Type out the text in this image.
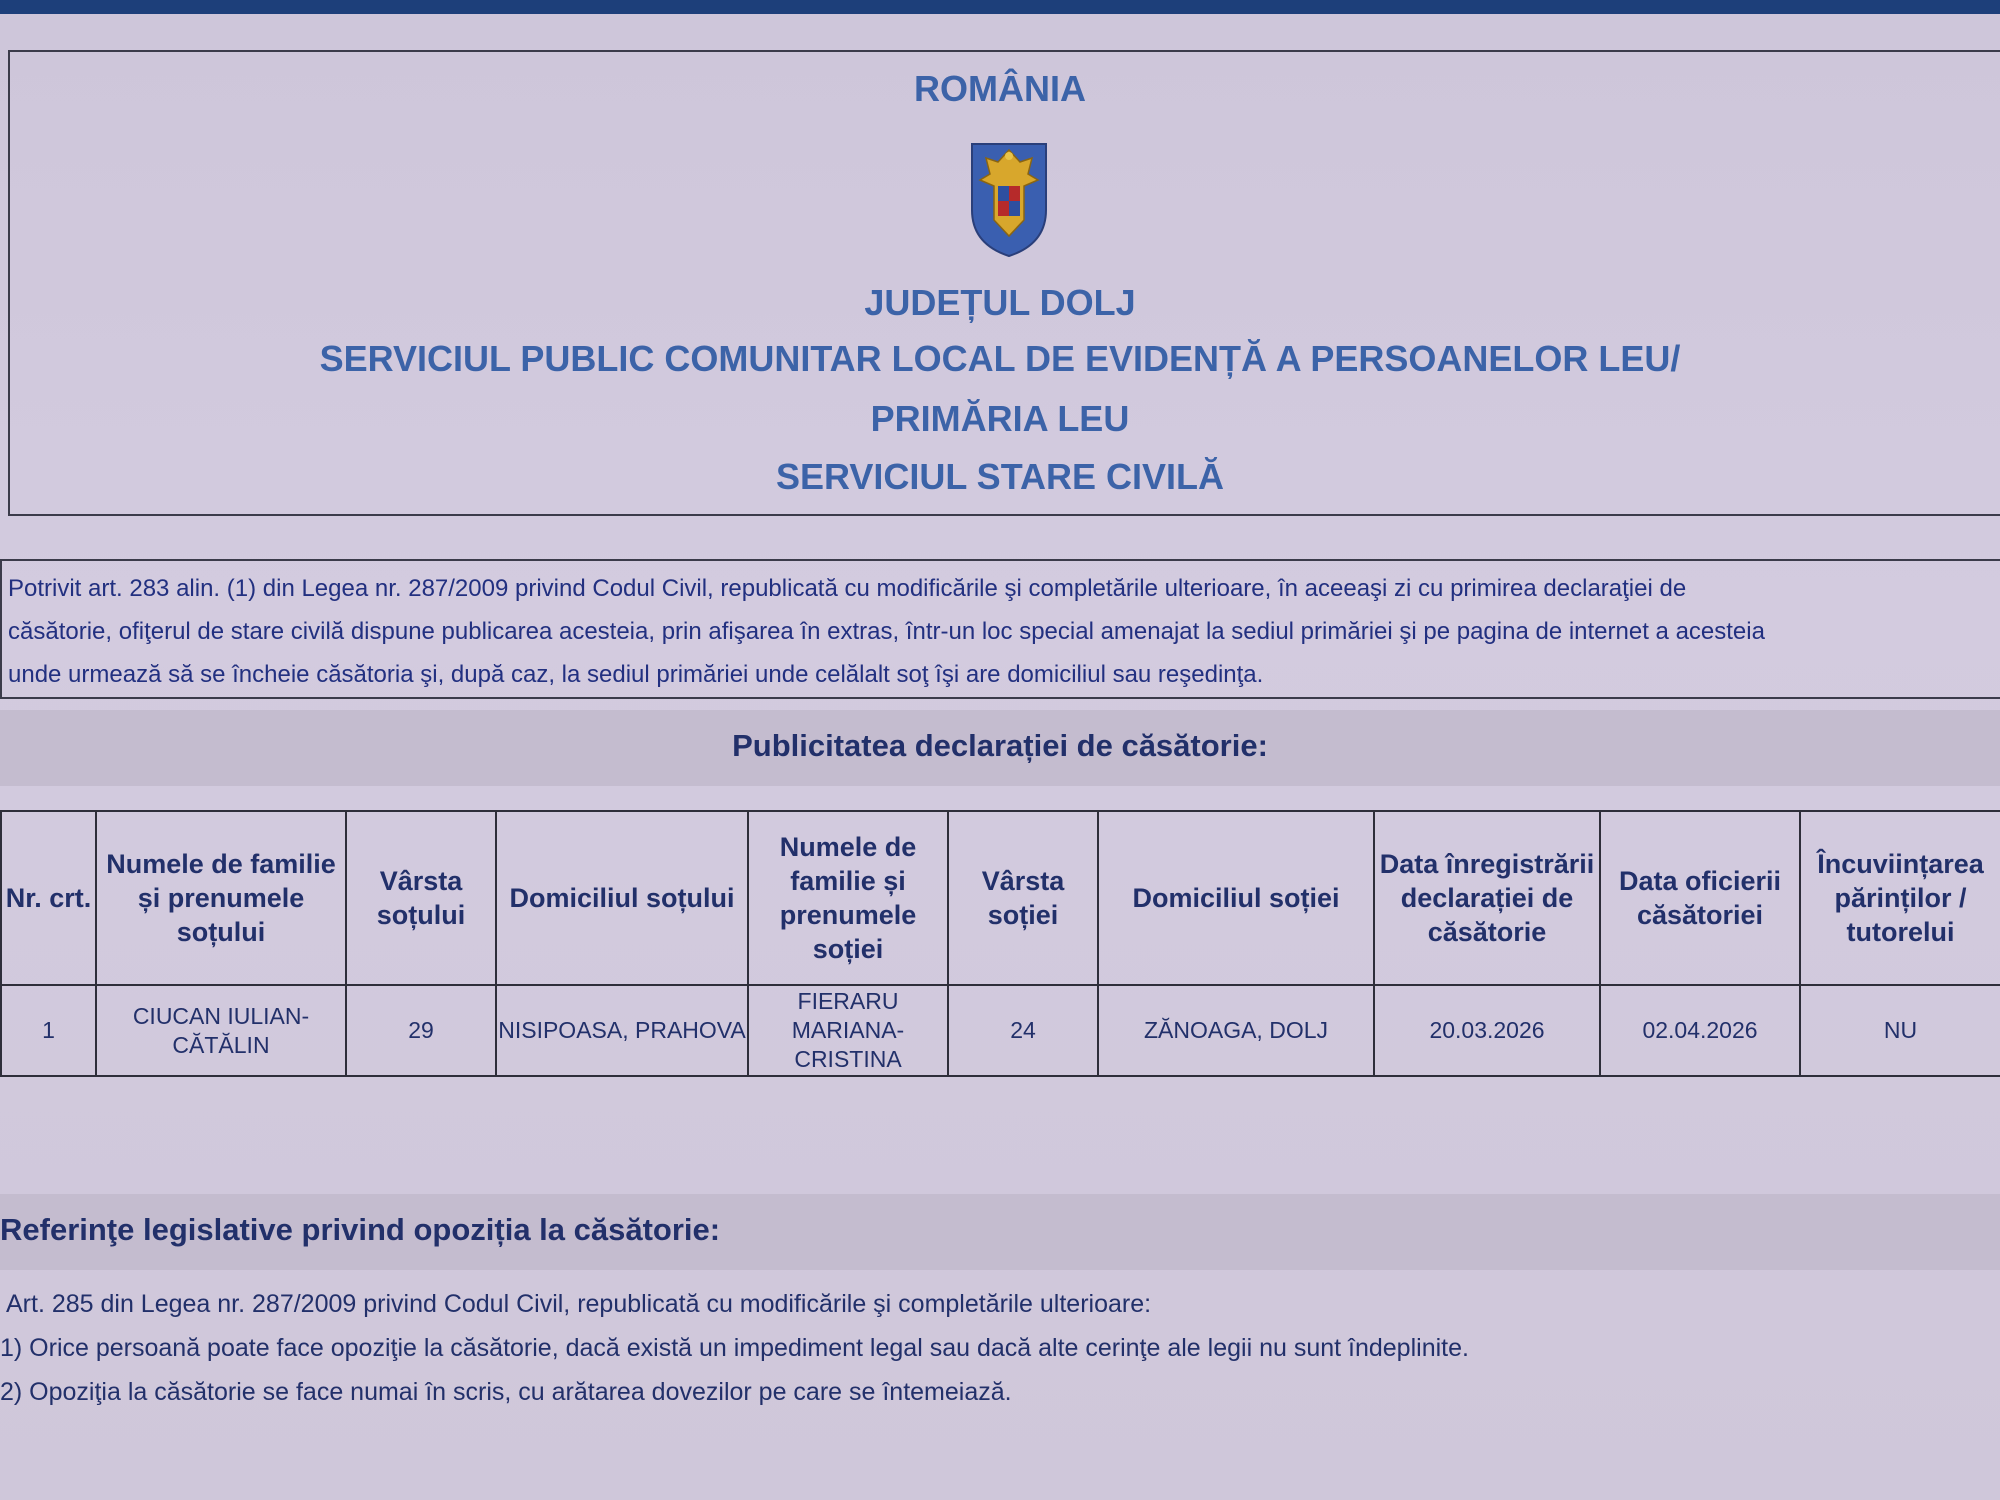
ROMÂNIA
JUDEȚUL DOLJ
SERVICIUL PUBLIC COMUNITAR LOCAL DE EVIDENȚĂ A PERSOANELOR LEU/
PRIMĂRIA LEU
SERVICIUL STARE CIVILĂ
Potrivit art. 283 alin. (1) din Legea nr. 287/2009 privind Codul Civil, republicată cu modificările şi completările ulterioare, în aceeaşi zi cu primirea declaraţiei de
căsătorie, ofiţerul de stare civilă dispune publicarea acesteia, prin afişarea în extras, într-un loc special amenajat la sediul primăriei şi pe pagina de internet a acesteia
unde urmează să se încheie căsătoria şi, după caz, la sediul primăriei unde celălalt soţ îşi are domiciliul sau reşedinţa.
Publicitatea declarației de căsătorie:
Nr. crt.	Numele de familie și prenumele soțului	Vârsta soțului	Domiciliul soțului	Numele de familie și prenumele soției	Vârsta soției	Domiciliul soției	Data înregistrării declarației de căsătorie	Data oficierii căsătoriei	Încuviințarea părinților / tutorelui
1	CIUCAN IULIAN-CĂTĂLIN	29	NISIPOASA, PRAHOVA	FIERARU MARIANA-CRISTINA	24	ZĂNOAGA, DOLJ	20.03.2026	02.04.2026	NU
Referinţe legislative privind opoziția la căsătorie:
Art. 285 din Legea nr. 287/2009 privind Codul Civil, republicată cu modificările şi completările ulterioare:
1) Orice persoană poate face opoziţie la căsătorie, dacă există un impediment legal sau dacă alte cerinţe ale legii nu sunt îndeplinite.
2) Opoziţia la căsătorie se face numai în scris, cu arătarea dovezilor pe care se întemeiază.
